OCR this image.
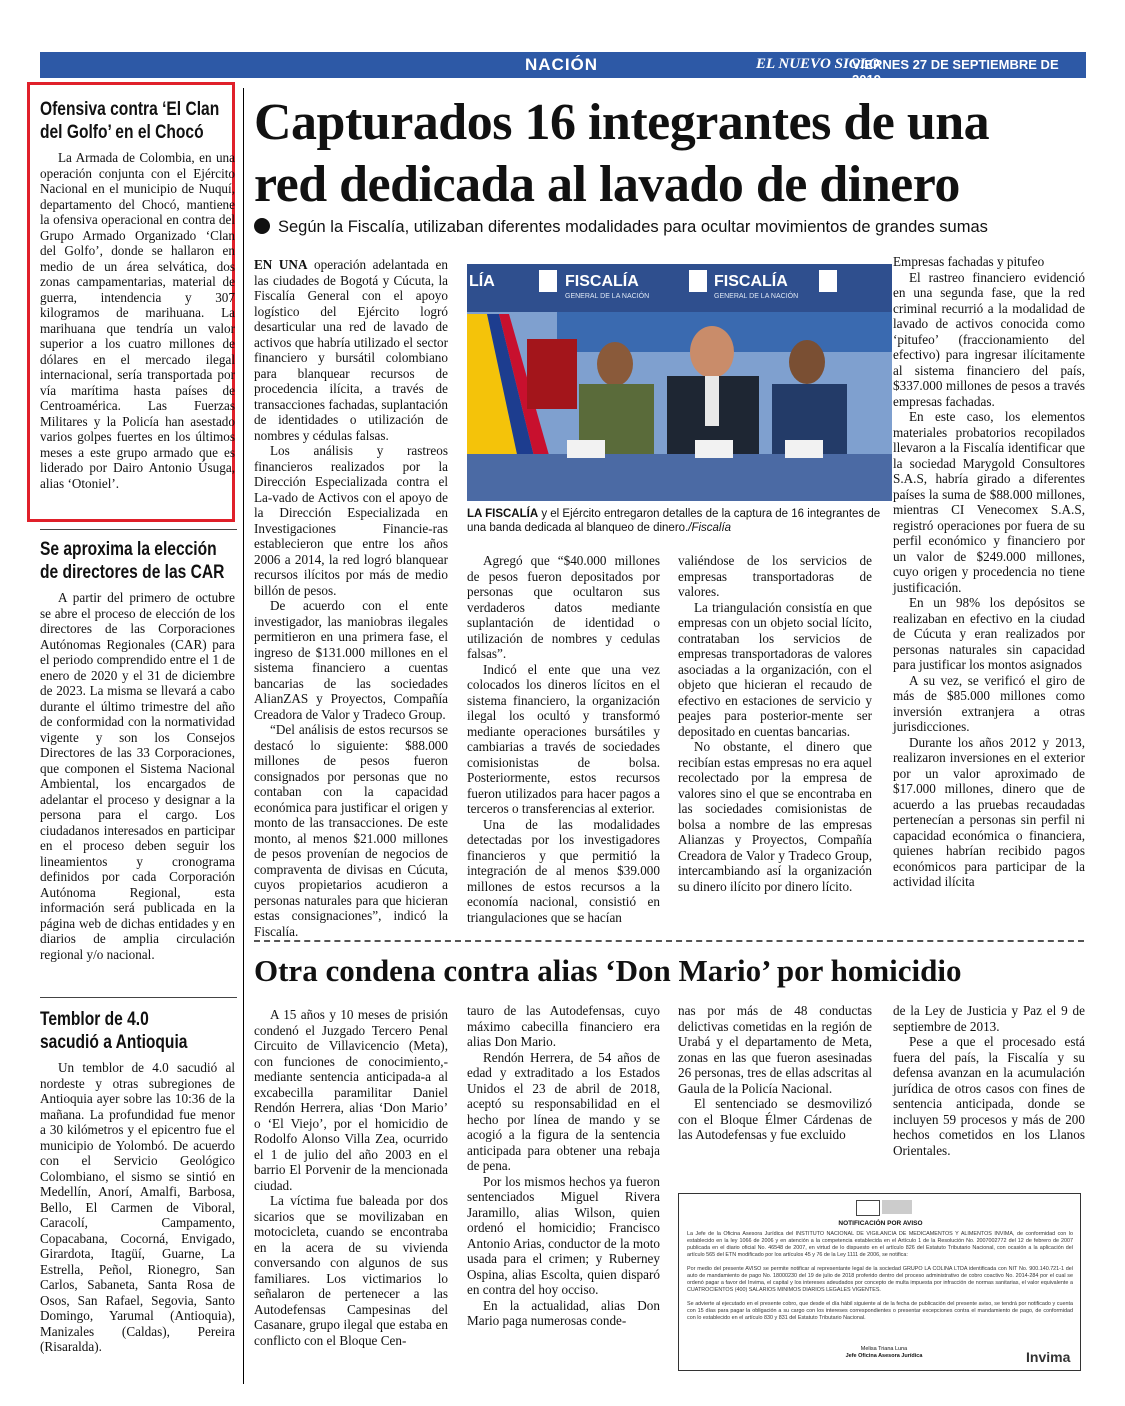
NACIÓN	EL NUEVO SIGLO
VIERNES 27 DE SEPTIEMBRE DE 2019
9B
Ofensiva contra ‘El Clan
del Golfo’ en el Chocó

La Armada de Colombia, en una operación conjunta con el Ejército Nacional en el municipio de Nuquí, departamento del Chocó, mantiene la ofensiva operacional en contra del Grupo Armado Organizado ‘Clan del Golfo’, donde se hallaron en medio de un área selvática, dos zonas campamentarias, material de guerra, intendencia y 307 kilogramos de marihuana. La marihuana que tendría un valor superior a los cuatro millones de dólares en el mercado ilegal internacional, sería transportada por vía marítima hasta países de Centroamérica. Las Fuerzas Militares y la Policía han asestado varios golpes fuertes en los últimos meses a este grupo armado que es liderado por Dairo Antonio Úsuga, alias ‘Otoniel’.

Se aproxima la elección
de directores de las CAR

A partir del primero de octubre se abre el proceso de elección de los directores de las Corporaciones Autónomas Regionales (CAR) para el periodo comprendido entre el 1 de enero de 2020 y el 31 de diciembre de 2023. La misma se llevará a cabo durante el último trimestre del año de conformidad con la normatividad vigente y son los Consejos Directores de las 33 Corporaciones, que componen el Sistema Nacional Ambiental, los encargados de adelantar el proceso y designar a la persona para el cargo. Los ciudadanos interesados en participar en el proceso deben seguir los lineamientos y cronograma definidos por cada Corporación Autónoma Regional, esta información será publicada en la página web de dichas entidades y en diarios de amplia circulación regional y/o nacional.

Temblor de 4.0
sacudió a Antioquia

Un temblor de 4.0 sacudió al nordeste y otras subregiones de Antioquia ayer sobre las 10:36 de la mañana. La profundidad fue menor a 30 kilómetros y el epicentro fue el municipio de Yolombó. De acuerdo con el Servicio Geológico Colombiano, el sismo se sintió en Medellín, Anorí, Amalfi, Barbosa, Bello, El Carmen de Viboral, Caracolí, Campamento, Copacabana, Cocorná, Envigado, Girardota, Itagüí, Guarne, La Estrella, Peñol, Rionegro, San Carlos, Sabaneta, Santa Rosa de Osos, San Rafael, Segovia, Santo Domingo, Yarumal (Antioquia), Manizales (Caldas), Pereira (Risaralda).

Capturados 16 integrantes de una
red dedicada al lavado de dinero

Según la Fiscalía, utilizaban diferentes modalidades para ocultar movimientos de grandes sumas

EN UNA operación adelantada en las ciudades de Bogotá y Cúcuta, la Fiscalía General con el apoyo logístico del Ejército logró desarticular una red de lavado de activos que habría utilizado el sector financiero y bursátil colombiano para blanquear recursos de procedencia ilícita, a través de transacciones fachadas, suplantación de identidades o utilización de nombres y cédulas falsas.

Los análisis y rastreos financieros realizados por la Dirección Especializada contra el La-vado de Activos con el apoyo de la Dirección Especializada en Investigaciones Financie-ras establecieron que entre los años 2006 a 2014, la red logró blanquear recursos ilícitos por más de medio billón de pesos.

De acuerdo con el ente investigador, las maniobras ilegales permitieron en una primera fase, el ingreso de $131.000 millones en el sistema financiero a cuentas bancarias de las sociedades AlianZAS y Proyectos, Compañía Creadora de Valor y Tradeco Group.

“Del análisis de estos recursos se destacó lo siguiente: $88.000 millones de pesos fueron consignados por personas que no contaban con la capacidad económica para justificar el origen y monto de las transacciones. De este monto, al menos $21.000 millones de pesos provenían de negocios de compraventa de divisas en Cúcuta, cuyos propietarios acudieron a personas naturales para que hicieran estas consignaciones”, indicó la Fiscalía.

LÍA	FISCALÍA
GENERAL DE LA NACIÓN
FISCALÍA
GENERAL DE LA NACIÓN

LA FISCALÍA y el Ejército entregaron detalles de la captura de 16 integrantes de una banda dedicada al blanqueo de dinero./Fiscalía

Agregó que “$40.000 millones de pesos fueron depositados por personas que ocultaron sus verdaderos datos mediante suplantación de identidad o utilización de nombres y cedulas falsas”.

Indicó el ente que una vez colocados los dineros lícitos en el sistema financiero, la organización ilegal los ocultó y transformó mediante operaciones bursátiles y cambiarias a través de sociedades comisionistas de bolsa. Posteriormente, estos recursos fueron utilizados para hacer pagos a terceros o transferencias al exterior.

Una de las modalidades detectadas por los investigadores financieros y que permitió la integración de al menos $39.000 millones de estos recursos a la economía nacional, consistió en triangulaciones que se hacían

valiéndose de los servicios de empresas transportadoras de valores.

La triangulación consistía en que empresas con un objeto social lícito, contrataban los servicios de empresas transportadoras de valores asociadas a la organización, con el objeto que hicieran el recaudo de efectivo en estaciones de servicio y peajes para posterior-mente ser depositado en cuentas bancarias.

No obstante, el dinero que recibían estas empresas no era aquel recolectado por la empresa de valores sino el que se encontraba en las sociedades comisionistas de bolsa a nombre de las empresas Alianzas y Proyectos, Compañía Creadora de Valor y Tradeco Group, intercambiando así la organización su dinero ilícito por dinero lícito.

Empresas fachadas y pitufeo

El rastreo financiero evidenció en una segunda fase, que la red criminal recurrió a la modalidad de lavado de activos conocida como ‘pitufeo’ (fraccionamiento del efectivo) para ingresar ilícitamente al sistema financiero del país, $337.000 millones de pesos a través empresas fachadas.

En este caso, los elementos materiales probatorios recopilados llevaron a la Fiscalía identificar que la sociedad Marygold Consultores S.A.S, habría girado a diferentes países la suma de $88.000 millones, mientras CI Venecomex S.A.S, registró operaciones por fuera de su perfil económico y financiero por un valor de $249.000 millones, cuyo origen y procedencia no tiene justificación.

En un 98% los depósitos se realizaban en efectivo en la ciudad de Cúcuta y eran realizados por personas naturales sin capacidad para justificar los montos asignados

A su vez, se verificó el giro de más de $85.000 millones como inversión extranjera a otras jurisdicciones.

Durante los años 2012 y 2013, realizaron inversiones en el exterior por un valor aproximado de $17.000 millones, dinero que de acuerdo a las pruebas recaudadas pertenecían a personas sin perfil ni capacidad económica o financiera, quienes habrían recibido pagos económicos para participar de la actividad ilícita

Otra condena contra alias ‘Don Mario’ por homicidio

A 15 años y 10 meses de prisión condenó el Juzgado Tercero Penal Circuito de Villavicencio (Meta), con funciones de conocimiento,-mediante sentencia anticipada-a al excabecilla paramilitar Daniel Rendón Herrera, alias ‘Don Mario’ o ‘El Viejo’, por el homicidio de Rodolfo Alonso Villa Zea, ocurrido el 1 de julio del año 2003 en el barrio El Porvenir de la mencionada ciudad.

La víctima fue baleada por dos sicarios que se movilizaban en motocicleta, cuando se encontraba en la acera de su vivienda conversando con algunos de sus familiares. Los victimarios lo señalaron de pertenecer a las Autodefensas Campesinas del Casanare, grupo ilegal que estaba en conflicto con el Bloque Cen-

tauro de las Autodefensas, cuyo máximo cabecilla financiero era alias Don Mario.

Rendón Herrera, de 54 años de edad y extraditado a los Estados Unidos el 23 de abril de 2018, aceptó su responsabilidad en el hecho por línea de mando y se acogió a la figura de la sentencia anticipada para obtener una rebaja de pena.

Por los mismos hechos ya fueron sentenciados Miguel Rivera Jaramillo, alias Wilson, quien ordenó el homicidio; Francisco Antonio Arias, conductor de la moto usada para el crimen; y Ruberney Ospina, alias Escolta, quien disparó en contra del hoy occiso.

En la actualidad, alias Don Mario paga numerosas conde-

nas por más de 48 conductas delictivas cometidas en la región de Urabá y el departamento de Meta, zonas en las que fueron asesinadas 26 personas, tres de ellas adscritas al Gaula de la Policía Nacional.

El sentenciado se desmovilizó con el Bloque Élmer Cárdenas de las Autodefensas y fue excluido

de la Ley de Justicia y Paz el 9 de septiembre de 2013.

Pese a que el procesado está fuera del país, la Fiscalía y su defensa avanzan en la acumulación jurídica de otros casos con fines de sentencia anticipada, donde se incluyen 59 procesos y más de 200 hechos cometidos en los Llanos Orientales.

NOTIFICACIÓN POR AVISO

La Jefe de la Oficina Asesora Jurídica del INSTITUTO NACIONAL DE VIGILANCIA DE MEDICAMENTOS Y ALIMENTOS INVIMA, de conformidad con lo establecido en la ley 1066 de 2006 y en atención a la competencia establecida en el Artículo 1 de la Resolución No. 2007002772 del 12 de febrero de 2007 publicada en el diario oficial No. 46548 de 2007, en virtud de lo dispuesto en el artículo 826 del Estatuto Tributario Nacional, con ocasión a la aplicación del artículo 565 del ETN modificado por los artículos 45 y 76 de la Ley 1111 de 2006, se notifica:

Por medio del presente AVISO se permite notificar al representante legal de la sociedad GRUPO LA COLINA LTDA identificada con NIT No. 900.140.721-1 del auto de mandamiento de pago No. 18000230 del 19 de julio de 2018 proferido dentro del proceso administrativo de cobro coactivo No. 2014-284 por el cual se ordenó pagar a favor del Invima, el capital y los intereses adeudados por concepto de multa impuesta por infracción de normas sanitarias, el valor equivalente a CUATROCIENTOS (400) SALARIOS MINIMOS DIARIOS LEGALES VIGENTES.

Se advierte al ejecutado en el presente cobro, que desde el día hábil siguiente al de la fecha de publicación del presente aviso, se tendrá por notificado y cuenta con 15 días para pagar la obligación a su cargo con los intereses correspondientes o presentar excepciones contra el mandamiento de pago, de conformidad con lo establecido en el artículo 830 y 831 del Estatuto Tributario Nacional.

Melisa Triana Luna
Jefe Oficina Asesora Jurídica	Invima
